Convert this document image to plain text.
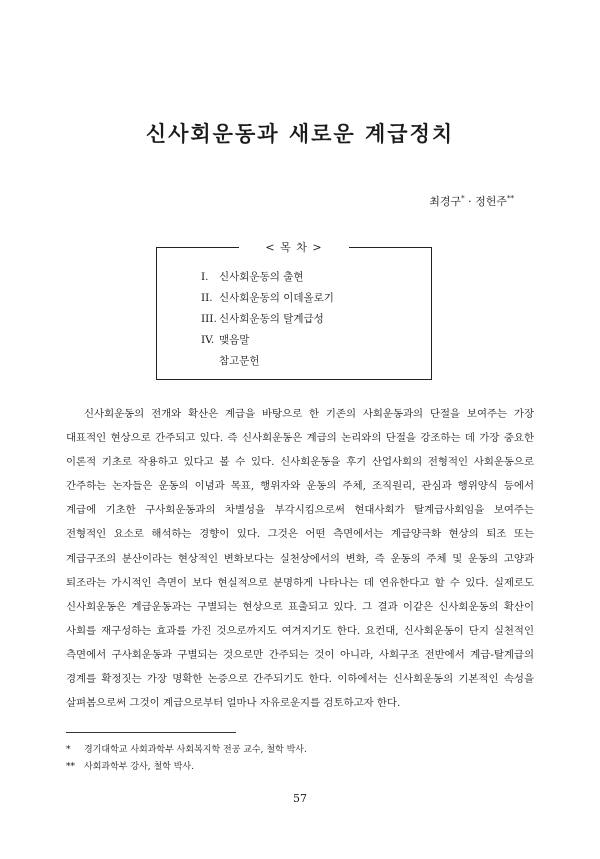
신사회운동과 새로운 계급정치
최경구* · 정헌주**
< 목 차 >
I. 신사회운동의 출현
II. 신사회운동의 이데올로기
III. 신사회운동의 탈계급성
IV. 맺음말
참고문헌

신사회운동의 전개와 확산은 계급을 바탕으로 한 기존의 사회운동과의 단절을 보여주는 가장 대표적인 현상으로 간주되고 있다. 즉 신사회운동은 계급의 논리와의 단절을 강조하는 데 가장 중요한 이론적 기초로 작용하고 있다고 볼 수 있다. 신사회운동을 후기 산업사회의 전형적인 사회운동으로 간주하는 논자들은 운동의 이념과 목표, 행위자와 운동의 주체, 조직원리, 관심과 행위양식 등에서 계급에 기초한 구사회운동과의 차별성을 부각시킴으로써 현대사회가 탈계급사회임을 보여주는 전형적인 요소로 해석하는 경향이 있다. 그것은 어떤 측면에서는 계급양극화 현상의 퇴조 또는 계급구조의 분산이라는 현상적인 변화보다는 실천상에서의 변화, 즉 운동의 주체 및 운동의 고양과 퇴조라는 가시적인 측면이 보다 현실적으로 분명하게 나타나는 데 연유한다고 할 수 있다. 실제로도 신사회운동은 계급운동과는 구별되는 현상으로 표출되고 있다. 그 결과 이같은 신사회운동의 확산이 사회를 재구성하는 효과를 가진 것으로까지도 여겨지기도 한다. 요컨대, 신사회운동이 단지 실천적인 측면에서 구사회운동과 구별되는 것으로만 간주되는 것이 아니라, 사회구조 전반에서 계급-탈계급의 경계를 확정짓는 가장 명확한 논증으로 간주되기도 한다. 이하에서는 신사회운동의 기본적인 속성을 살펴봄으로써 그것이 계급으로부터 얼마나 자유로운지를 검토하고자 한다.

* 경기대학교 사회과학부 사회복지학 전공 교수, 철학 박사.
** 사회과학부 강사, 철학 박사.
57
